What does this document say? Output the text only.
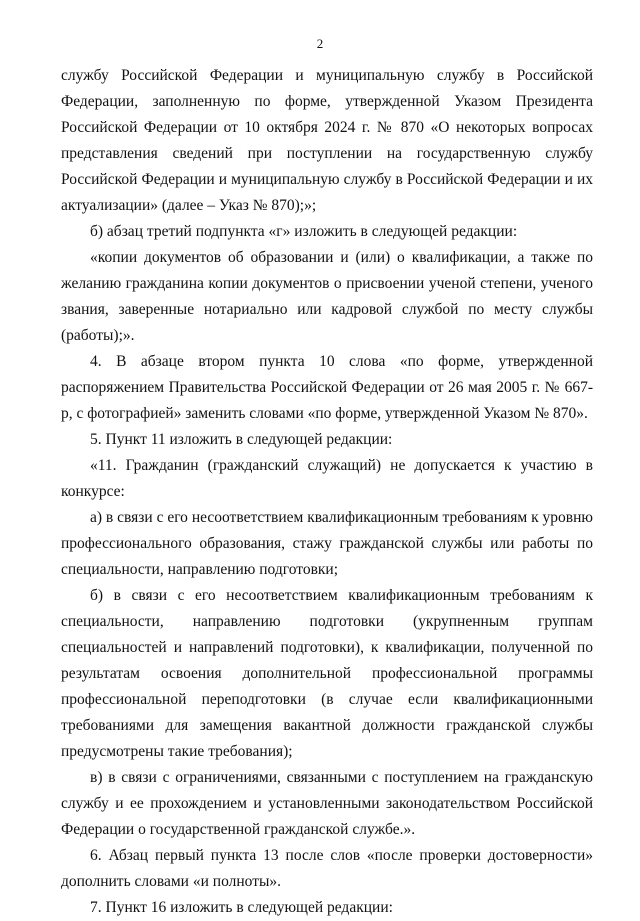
2

службу Российской Федерации и муниципальную службу в Российской Федерации, заполненную по форме, утвержденной Указом Президента Российской Федерации от 10 октября 2024 г. № 870 «О некоторых вопросах представления сведений при поступлении на государственную службу Российской Федерации и муниципальную службу в Российской Федерации и их актуализации» (далее – Указ № 870);»;

б) абзац третий подпункта «г» изложить в следующей редакции:

«копии документов об образовании и (или) о квалификации, а также по желанию гражданина копии документов о присвоении ученой степени, ученого звания, заверенные нотариально или кадровой службой по месту службы (работы);».

4. В абзаце втором пункта 10 слова «по форме, утвержденной распоряжением Правительства Российской Федерации от 26 мая 2005 г. № 667-р, с фотографией» заменить словами «по форме, утвержденной Указом № 870».

5. Пункт 11 изложить в следующей редакции:

«11. Гражданин (гражданский служащий) не допускается к участию в конкурсе:

а) в связи с его несоответствием квалификационным требованиям к уровню профессионального образования, стажу гражданской службы или работы по специальности, направлению подготовки;

б) в связи с его несоответствием квалификационным требованиям к специальности, направлению подготовки (укрупненным группам специальностей и направлений подготовки), к квалификации, полученной по результатам освоения дополнительной профессиональной программы профессиональной переподготовки (в случае если квалификационными требованиями для замещения вакантной должности гражданской службы предусмотрены такие требования);

в) в связи с ограничениями, связанными с поступлением на гражданскую службу и ее прохождением и установленными законодательством Российской Федерации о государственной гражданской службе.».

6. Абзац первый пункта 13 после слов «после проверки достоверности» дополнить словами «и полноты».

7. Пункт 16 изложить в следующей редакции:
